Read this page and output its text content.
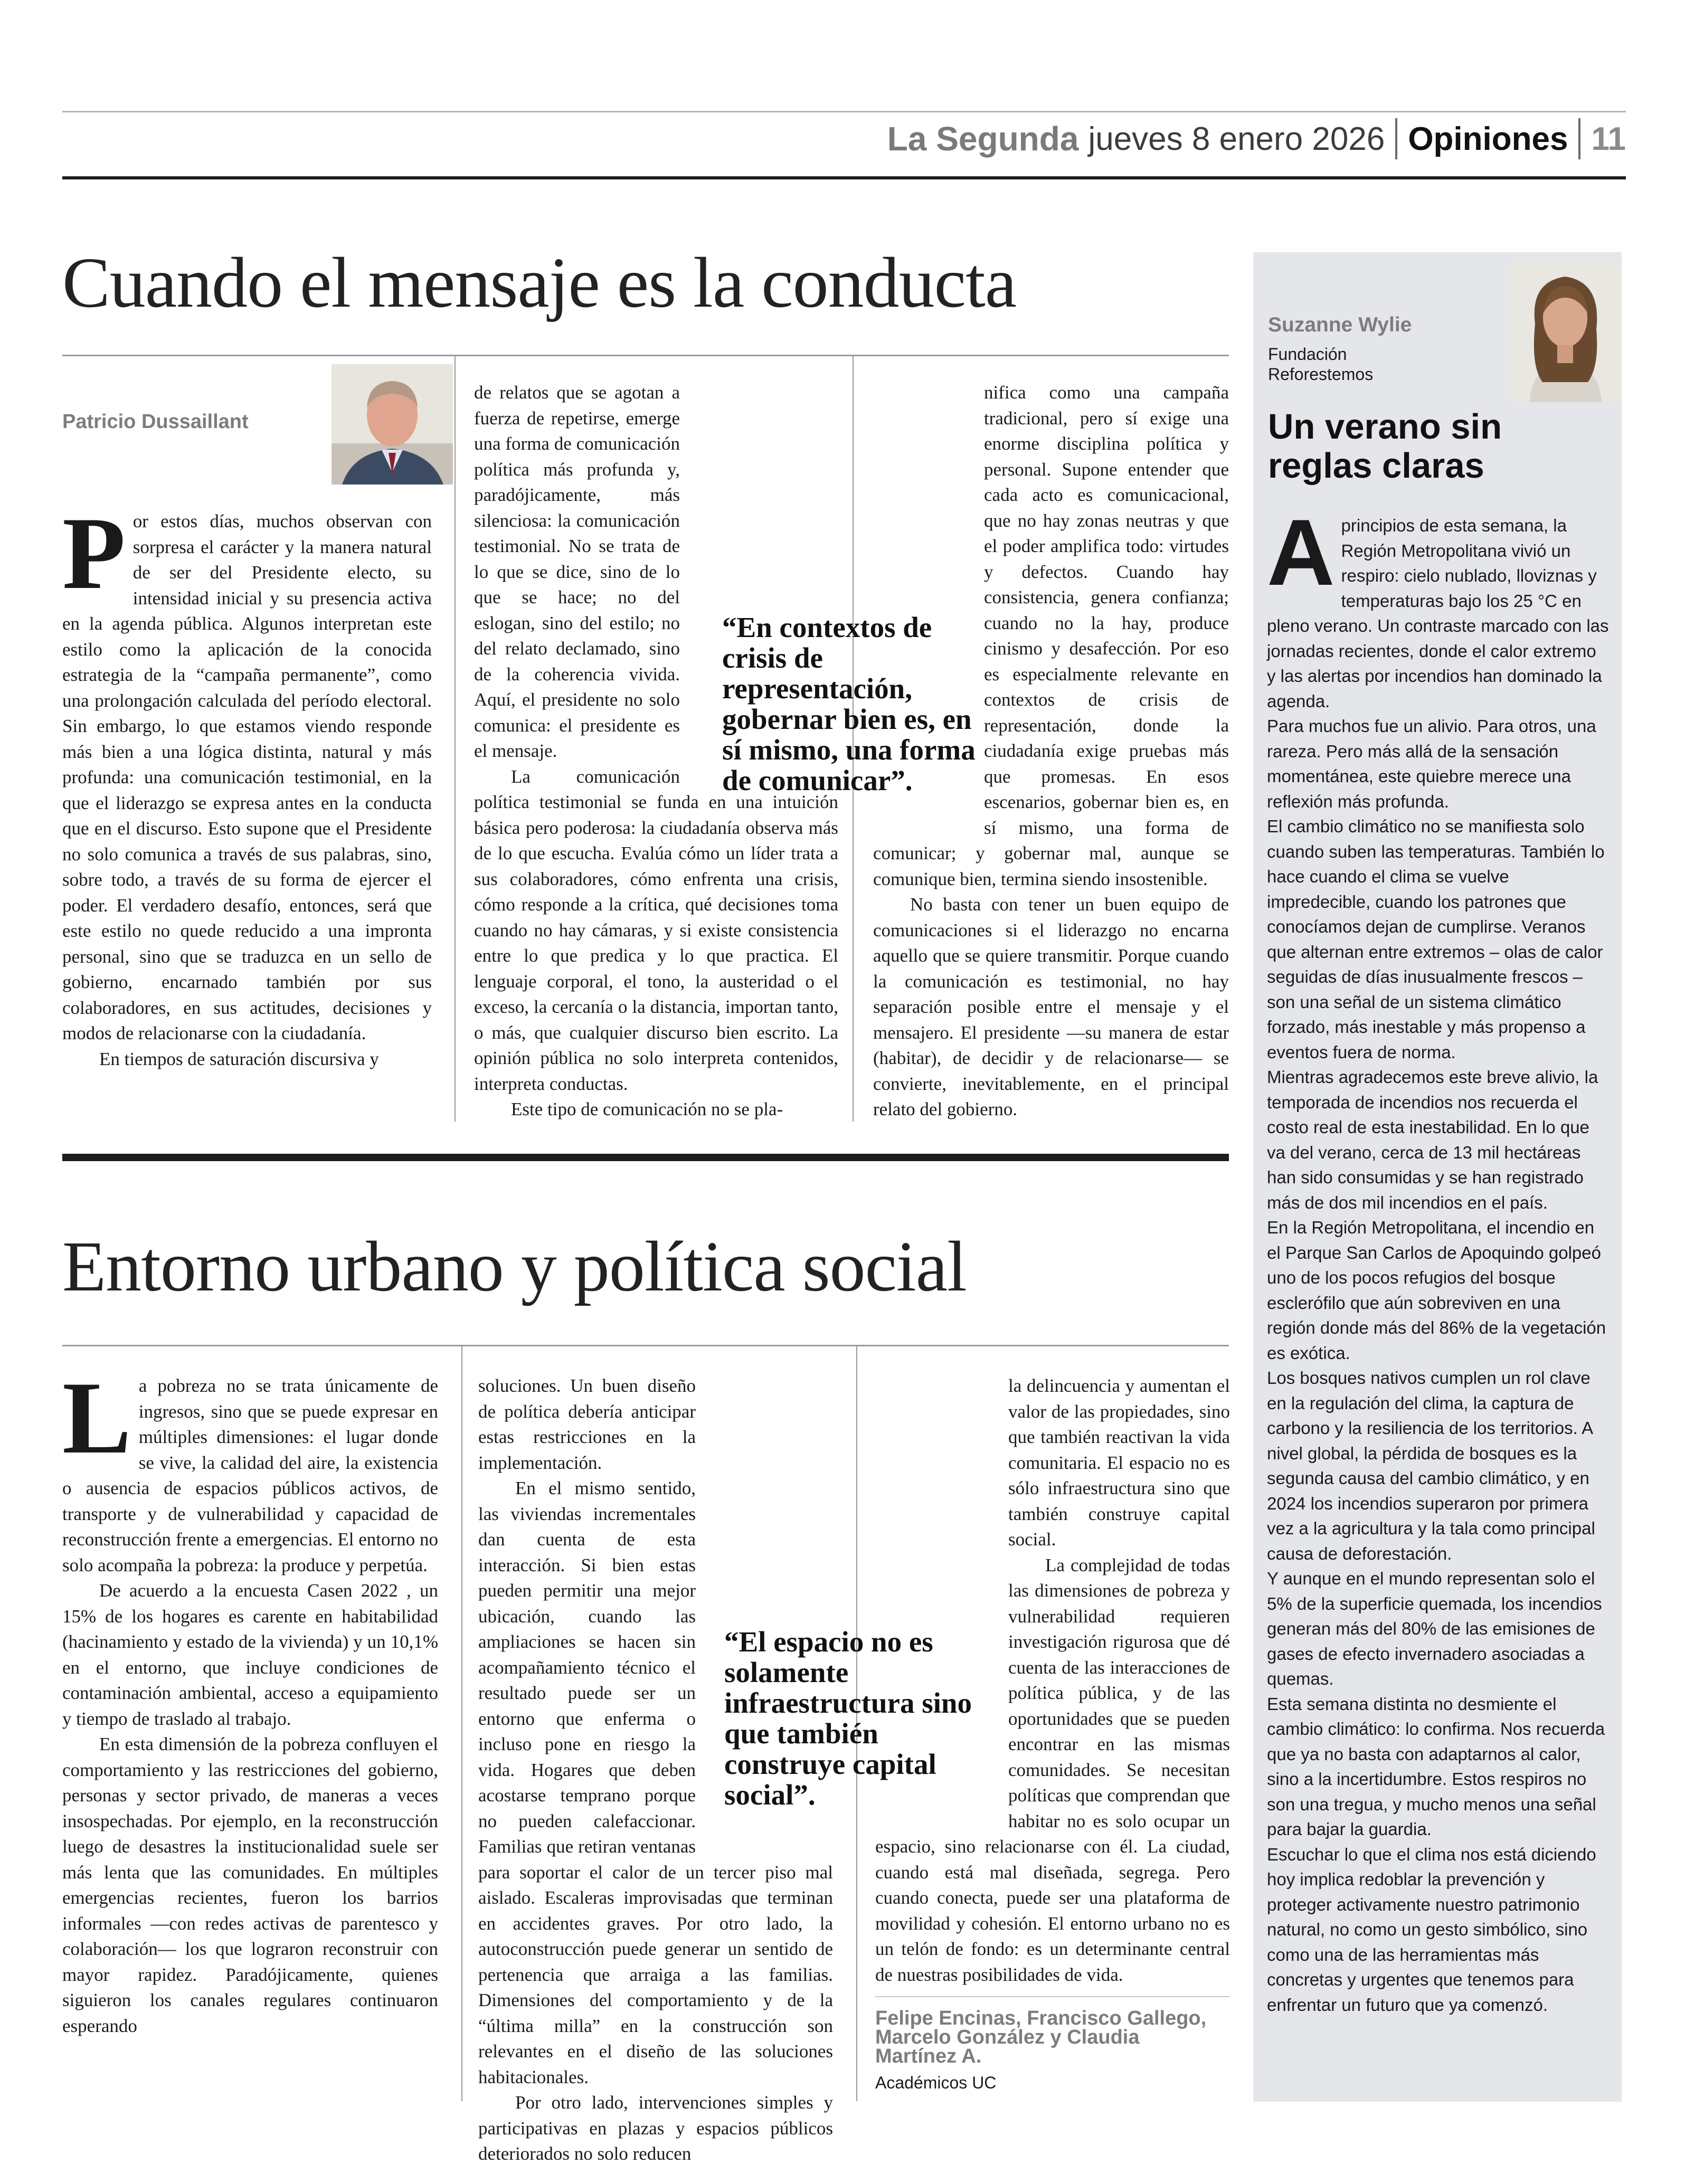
La Segunda jueves 8 enero 2026 Opiniones 11
Cuando el mensaje es la conducta
Patricio Dussaillant

Por estos días, muchos observan con sorpresa el carácter y la manera natural de ser del Presidente electo, su intensidad inicial y su presencia activa en la agenda pública. Algunos interpretan este estilo como la aplicación de la conocida estrategia de la “campaña permanente”, como una prolongación calculada del período electoral. Sin embargo, lo que estamos viendo responde más bien a una lógica distinta, natural y más profunda: una comunicación testimonial, en la que el liderazgo se expresa antes en la conducta que en el discurso. Esto supone que el Presidente no solo comunica a través de sus palabras, sino, sobre todo, a través de su forma de ejercer el poder. El verdadero desafío, entonces, será que este estilo no quede reducido a una impronta personal, sino que se traduzca en un sello de gobierno, encarnado también por sus colaboradores, en sus actitudes, decisiones y modos de relacionarse con la ciudadanía.

En tiempos de saturación discursiva y

de relatos que se agotan a fuerza de repetirse, emerge una forma de comunicación política más profunda y, paradójicamente, más silenciosa: la comunicación testimonial. No se trata de lo que se dice, sino de lo que se hace; no del eslogan, sino del estilo; no del relato declamado, sino de la coherencia vivida. Aquí, el presidente no solo comunica: el presidente es el mensaje.

La comunicación política testimonial se funda en una intuición básica pero poderosa: la ciudadanía observa más de lo que escucha. Evalúa cómo un líder trata a sus colaboradores, cómo enfrenta una crisis, cómo responde a la crítica, qué decisiones toma cuando no hay cámaras, y si existe consistencia entre lo que predica y lo que practica. El lenguaje corporal, el tono, la austeridad o el exceso, la cercanía o la distancia, importan tanto, o más, que cualquier discurso bien escrito. La opinión pública no solo interpreta contenidos, interpreta conductas.

Este tipo de comunicación no se pla-

nifica como una campaña tradicional, pero sí exige una enorme disciplina política y personal. Supone entender que cada acto es comunicacional, que no hay zonas neutras y que el poder amplifica todo: virtudes y defectos. Cuando hay consistencia, genera confianza; cuando no la hay, produce cinismo y desafección. Por eso es especialmente relevante en contextos de crisis de representación, donde la ciudadanía exige pruebas más que promesas. En esos escenarios, gobernar bien es, en sí mismo, una forma de comunicar; y gobernar mal, aunque se comunique bien, termina siendo insostenible.

No basta con tener un buen equipo de comunicaciones si el liderazgo no encarna aquello que se quiere transmitir. Porque cuando la comunicación es testimonial, no hay separación posible entre el mensaje y el mensajero. El presidente —su manera de estar (habitar), de decidir y de relacionarse— se convierte, inevitablemente, en el principal relato del gobierno.

“En contextos de crisis de representación, gobernar bien es, en sí mismo, una forma de comunicar”.
Entorno urbano y política social

La pobreza no se trata únicamente de ingresos, sino que se puede expresar en múltiples dimensiones: el lugar donde se vive, la calidad del aire, la existencia o ausencia de espacios públicos activos, de transporte y de vulnerabilidad y capacidad de reconstrucción frente a emergencias. El entorno no solo acompaña la pobreza: la produce y perpetúa.

De acuerdo a la encuesta Casen 2022 , un 15% de los hogares es carente en habitabilidad (hacinamiento y estado de la vivienda) y un 10,1% en el entorno, que incluye condiciones de contaminación ambiental, acceso a equipamiento y tiempo de traslado al trabajo.

En esta dimensión de la pobreza confluyen el comportamiento y las restricciones del gobierno, personas y sector privado, de maneras a veces insospechadas. Por ejemplo, en la reconstrucción luego de desastres la institucionalidad suele ser más lenta que las comunidades. En múltiples emergencias recientes, fueron los barrios informales —con redes activas de parentesco y colaboración— los que lograron reconstruir con mayor rapidez. Paradójicamente, quienes siguieron los canales regulares continuaron esperando

soluciones. Un buen diseño de política debería anticipar estas restricciones en la implementación.

En el mismo sentido, las viviendas incrementales dan cuenta de esta interacción. Si bien estas pueden permitir una mejor ubicación, cuando las ampliaciones se hacen sin acompañamiento técnico el resultado puede ser un entorno que enferma o incluso pone en riesgo la vida. Hogares que deben acostarse temprano porque no pueden calefaccionar. Familias que retiran ventanas para soportar el calor de un tercer piso mal aislado. Escaleras improvisadas que terminan en accidentes graves. Por otro lado, la autoconstrucción puede generar un sentido de pertenencia que arraiga a las familias. Dimensiones del comportamiento y de la “última milla” en la construcción son relevantes en el diseño de las soluciones habitacionales.

Por otro lado, intervenciones simples y participativas en plazas y espacios públicos deteriorados no solo reducen

la delincuencia y aumentan el valor de las propiedades, sino que también reactivan la vida comunitaria. El espacio no es sólo infraestructura sino que también construye capital social.

La complejidad de todas las dimensiones de pobreza y vulnerabilidad requieren investigación rigurosa que dé cuenta de las interacciones de política pública, y de las oportunidades que se pueden encontrar en las mismas comunidades. Se necesitan políticas que comprendan que habitar no es solo ocupar un espacio, sino relacionarse con él. La ciudad, cuando está mal diseñada, segrega. Pero cuando conecta, puede ser una plataforma de movilidad y cohesión. El entorno urbano no es un telón de fondo: es un determinante central de nuestras posibilidades de vida.

“El espacio no es solamente infraestructura sino que también construye capital social”.
Felipe Encinas, Francisco Gallego, Marcelo González y Claudia Martínez A.
Académicos UC
Suzanne Wylie
Fundación Reforestemos
Un verano sin reglas claras

A principios de esta semana, la Región Metropolitana vivió un respiro: cielo nublado, lloviznas y temperaturas bajo los 25 °C en pleno verano. Un contraste marcado con las jornadas recientes, donde el calor extremo y las alertas por incendios han dominado la agenda.

Para muchos fue un alivio. Para otros, una rareza. Pero más allá de la sensación momentánea, este quiebre merece una reflexión más profunda.

El cambio climático no se manifiesta solo cuando suben las temperaturas. También lo hace cuando el clima se vuelve impredecible, cuando los patrones que conocíamos dejan de cumplirse. Veranos que alternan entre extremos – olas de calor seguidas de días inusualmente frescos – son una señal de un sistema climático forzado, más inestable y más propenso a eventos fuera de norma.

Mientras agradecemos este breve alivio, la temporada de incendios nos recuerda el costo real de esta inestabilidad. En lo que va del verano, cerca de 13 mil hectáreas han sido consumidas y se han registrado más de dos mil incendios en el país.

En la Región Metropolitana, el incendio en el Parque San Carlos de Apoquindo golpeó uno de los pocos refugios del bosque esclerófilo que aún sobreviven en una región donde más del 86% de la vegetación es exótica.

Los bosques nativos cumplen un rol clave en la regulación del clima, la captura de carbono y la resiliencia de los territorios. A nivel global, la pérdida de bosques es la segunda causa del cambio climático, y en 2024 los incendios superaron por primera vez a la agricultura y la tala como principal causa de deforestación.

Y aunque en el mundo representan solo el 5% de la superficie quemada, los incendios generan más del 80% de las emisiones de gases de efecto invernadero asociadas a quemas.

Esta semana distinta no desmiente el cambio climático: lo confirma. Nos recuerda que ya no basta con adaptarnos al calor, sino a la incertidumbre. Estos respiros no son una tregua, y mucho menos una señal para bajar la guardia.

Escuchar lo que el clima nos está diciendo hoy implica redoblar la prevención y proteger activamente nuestro patrimonio natural, no como un gesto simbólico, sino como una de las herramientas más concretas y urgentes que tenemos para enfrentar un futuro que ya comenzó.
